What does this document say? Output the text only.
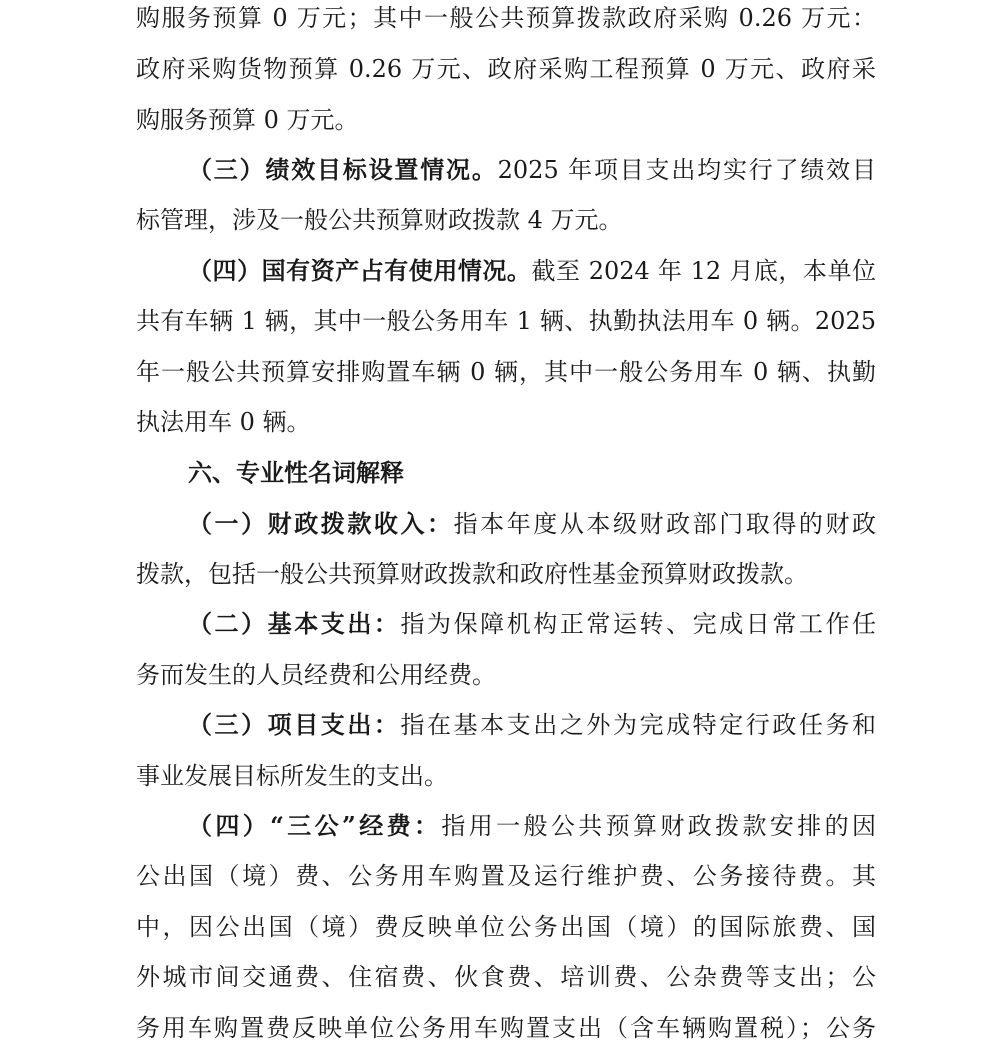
购服务预算 0 万元；其中一般公共预算拨款政府采购 0.26 万元：
政府采购货物预算 0.26 万元、政府采购工程预算 0 万元、政府采
购服务预算 0 万元。
（三）绩效目标设置情况。2025 年项目支出均实行了绩效目
标管理，涉及一般公共预算财政拨款 4 万元。
（四）国有资产占有使用情况。截至 2024 年 12 月底，本单位
共有车辆 1 辆，其中一般公务用车 1 辆、执勤执法用车 0 辆。2025
年一般公共预算安排购置车辆 0 辆，其中一般公务用车 0 辆、执勤
执法用车 0 辆。
六、专业性名词解释
（一）财政拨款收入：指本年度从本级财政部门取得的财政
拨款，包括一般公共预算财政拨款和政府性基金预算财政拨款。
（二）基本支出：指为保障机构正常运转、完成日常工作任
务而发生的人员经费和公用经费。
（三）项目支出：指在基本支出之外为完成特定行政任务和
事业发展目标所发生的支出。
（四）“三公”经费：指用一般公共预算财政拨款安排的因
公出国（境）费、公务用车购置及运行维护费、公务接待费。其
中，因公出国（境）费反映单位公务出国（境）的国际旅费、国
外城市间交通费、住宿费、伙食费、培训费、公杂费等支出；公
务用车购置费反映单位公务用车购置支出（含车辆购置税）；公务
